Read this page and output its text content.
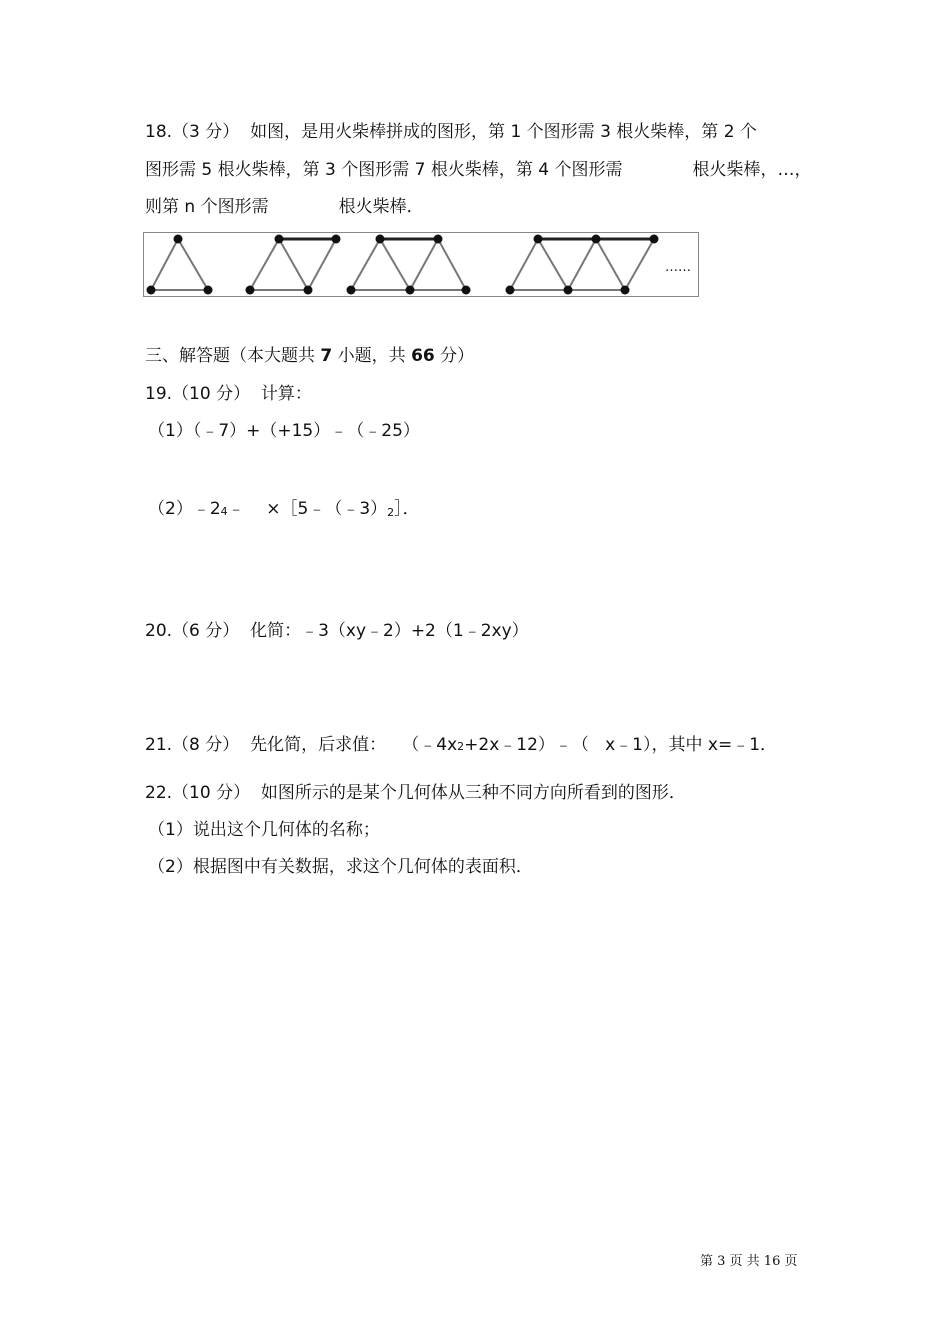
18.（3 分）  如图，是用火柴棒拼成的图形，第 1 个图形需 3 根火柴棒，第 2 个
图形需 5 根火柴棒，第 3 个图形需 7 根火柴棒，第 4 个图形需	根火柴棒，…，
则第 n 个图形需	根火柴棒．
……
三、解答题（本大题共 7 小题，共 66 分）
19.（10 分）  计算：
（1）（﹣7）+（+15）﹣（﹣25）
（2）﹣24﹣    ×［5﹣（﹣3）2］．
20.（6 分）  化简：﹣3（xy﹣2）+2（1﹣2xy）
21.（8 分）  先化简，后求值：   （﹣4x2+2x﹣12）﹣（   x﹣1），其中 x=﹣1．
22.（10 分）  如图所示的是某个几何体从三种不同方向所看到的图形．
（1）说出这个几何体的名称；
（2）根据图中有关数据，求这个几何体的表面积．
第 3 页 共 16 页
